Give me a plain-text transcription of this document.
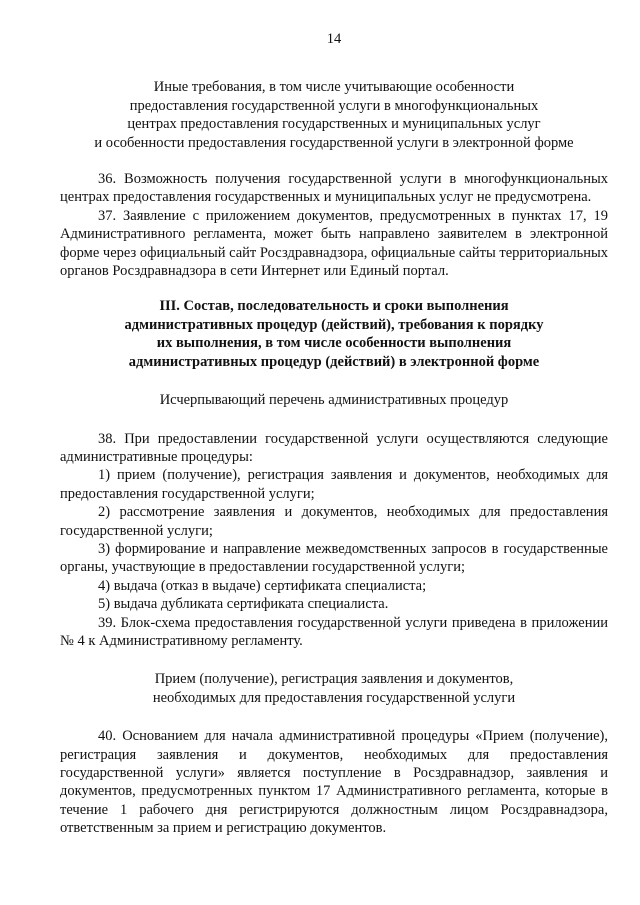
14
Иные требования, в том числе учитывающие особенности
предоставления государственной услуги в многофункциональных
центрах предоставления государственных и муниципальных услуг
и особенности предоставления государственной услуги в электронной форме

36. Возможность получения государственной услуги в многофункциональных центрах предоставления государственных и муниципальных услуг не предусмотрена.

37. Заявление с приложением документов, предусмотренных в пунктах 17, 19 Административного регламента, может быть направлено заявителем в электронной форме через официальный сайт Росздравнадзора, официальные сайты территориальных органов Росздравнадзора в сети Интернет или Единый портал.

III. Состав, последовательность и сроки выполнения
административных процедур (действий), требования к порядку
их выполнения, в том числе особенности выполнения
административных процедур (действий) в электронной форме
Исчерпывающий перечень административных процедур

38. При предоставлении государственной услуги осуществляются следующие административные процедуры:

1) прием (получение), регистрация заявления и документов, необходимых для предоставления государственной услуги;

2) рассмотрение заявления и документов, необходимых для предоставления государственной услуги;

3) формирование и направление межведомственных запросов в государственные органы, участвующие в предоставлении государственной услуги;

4) выдача (отказ в выдаче) сертификата специалиста;

5) выдача дубликата сертификата специалиста.

39. Блок-схема предоставления государственной услуги приведена в приложении № 4 к Административному регламенту.

Прием (получение), регистрация заявления и документов,
необходимых для предоставления государственной услуги

40. Основанием для начала административной процедуры «Прием (получение), регистрация заявления и документов, необходимых для предоставления государственной услуги» является поступление в Росздравнадзор, заявления и документов, предусмотренных пунктом 17 Административного регламента, которые в течение 1 рабочего дня регистрируются должностным лицом Росздравнадзора, ответственным за прием и регистрацию документов.
